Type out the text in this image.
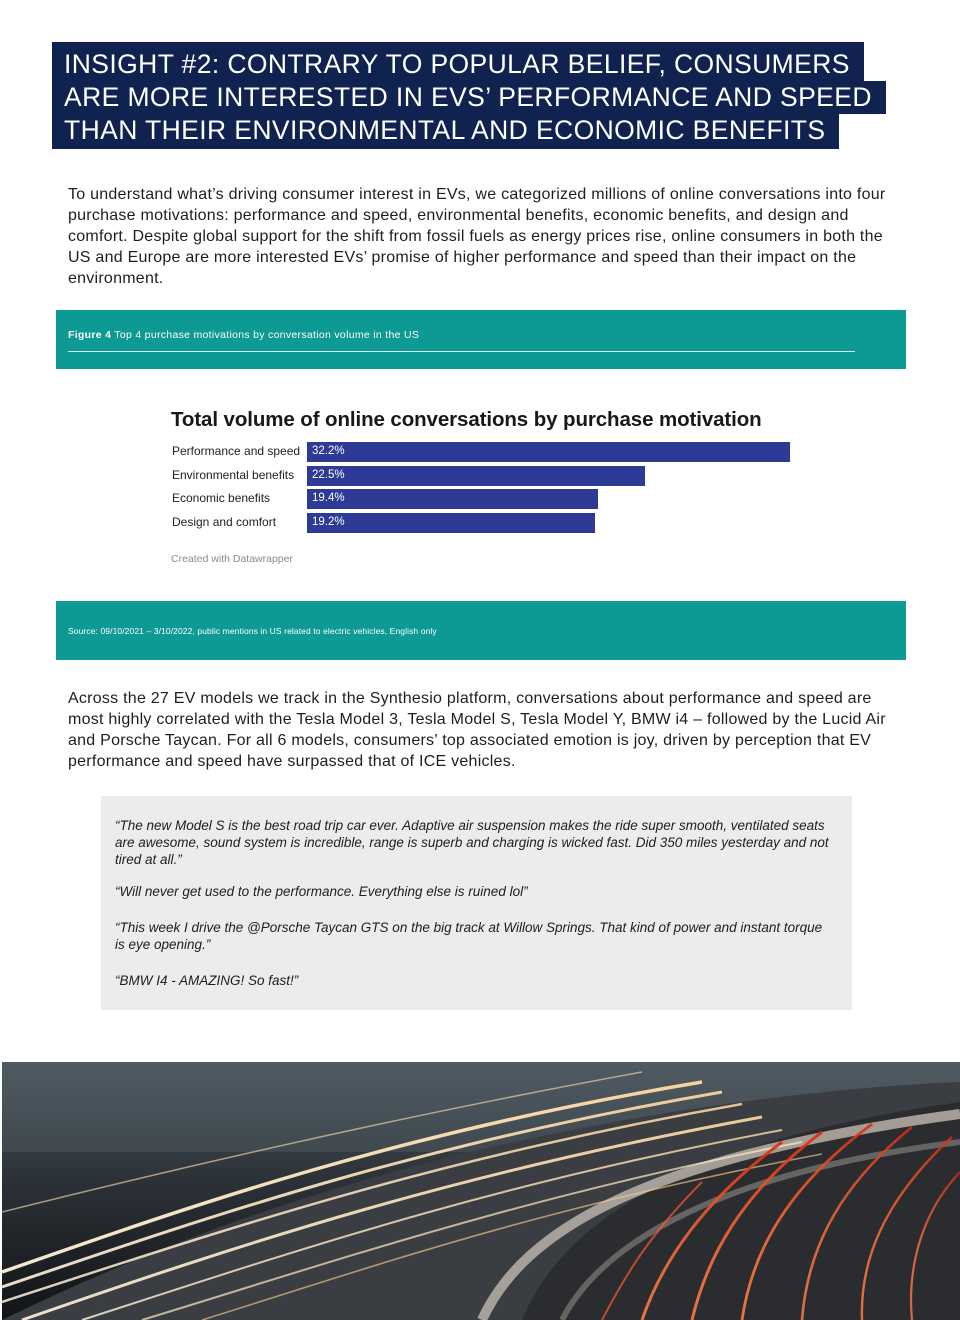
INSIGHT #2: CONTRARY TO POPULAR BELIEF, CONSUMERS
ARE MORE INTERESTED IN EVS’ PERFORMANCE AND SPEED
THAN THEIR ENVIRONMENTAL AND ECONOMIC BENEFITS

To understand what’s driving consumer interest in EVs, we categorized millions of online conversations into four purchase motivations: performance and speed, environmental benefits, economic benefits, and design and comfort. Despite global support for the shift from fossil fuels as energy prices rise, online consumers in both the US and Europe are more interested EVs’ promise of higher performance and speed than their impact on the environment.

Figure 4 Top 4 purchase motivations by conversation volume in the US
Total volume of online conversations by purchase motivation
Performance and speed 32.2%
Environmental benefits 22.5%
Economic benefits	19.4%
Design and comfort	19.2%
Created with Datawrapper
Source: 09/10/2021 – 3/10/2022, public mentions in US related to electric vehicles, English only

Across the 27 EV models we track in the Synthesio platform, conversations about performance and speed are most highly correlated with the Tesla Model 3, Tesla Model S, Tesla Model Y, BMW i4 – followed by the Lucid Air and Porsche Taycan. For all 6 models, consumers’ top associated emotion is joy, driven by perception that EV performance and speed have surpassed that of ICE vehicles.

“The new Model S is the best road trip car ever. Adaptive air suspension makes the ride super smooth, ventilated seats are awesome, sound system is incredible, range is superb and charging is wicked fast. Did 350 miles yesterday and not tired at all.”

“Will never get used to the performance. Everything else is ruined lol”

“This week I drive the @Porsche Taycan GTS on the big track at Willow Springs. That kind of power and instant torque is eye opening.”

“BMW I4 - AMAZING! So fast!”
